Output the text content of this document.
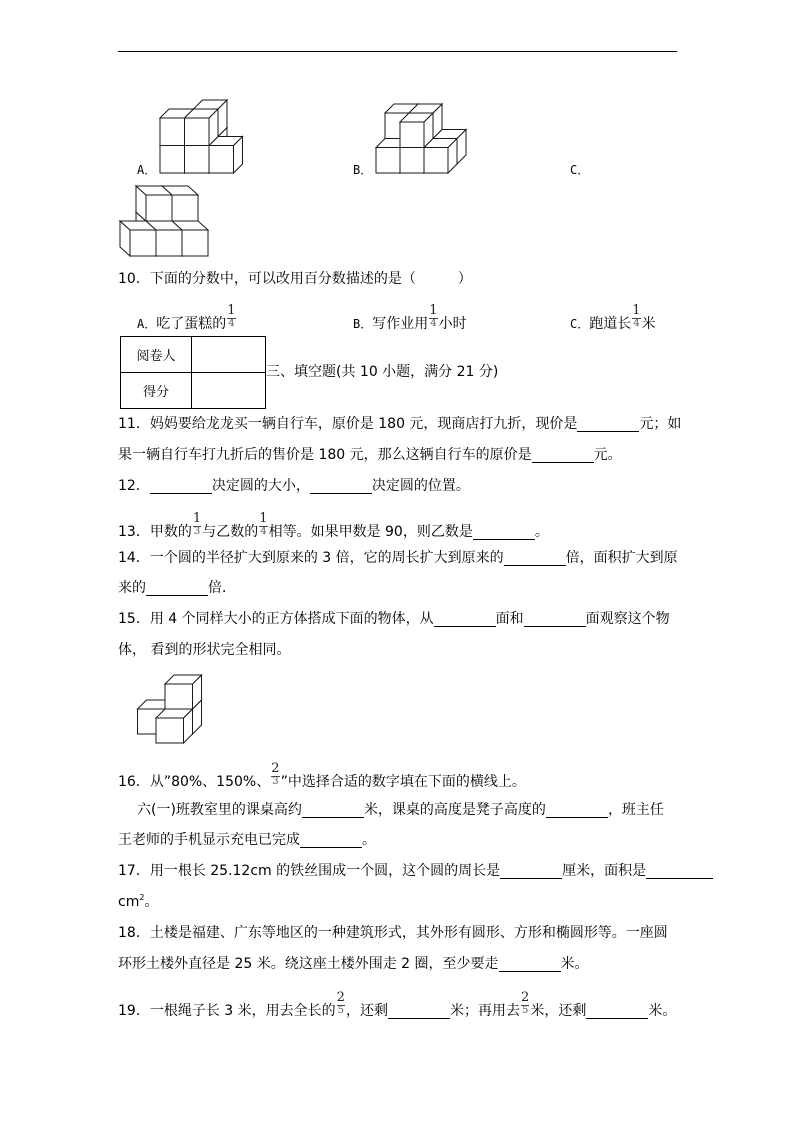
A．	B．	C．
10．下面的分数中，可以改用百分数描述的是（　　　）
A．吃了蛋糕的
1
4	B．写作业用
1
4 小时	C．跑道长
1
4 米
阅卷人	
得分	
三、填空题(共 10 小题，满分 21 分)
11．妈妈要给龙龙买一辆自行车，原价是 180 元，现商店打九折，现价是	元；如
果一辆自行车打九折后的售价是 180 元，那么这辆自行车的原价是	元。
12．	决定圆的大小，	决定圆的位置。
13．甲数的
1
3 与乙数的
1
4 相等。如果甲数是 90，则乙数是	。
14．一个圆的半径扩大到原来的 3 倍，它的周长扩大到原来的	倍，面积扩大到原
来的	倍．
15．用 4 个同样大小的正方体搭成下面的物体，从	面和	面观察这个物
体， 看到的形状完全相同。
16．从”80%、150%、
2
3 ”中选择合适的数字填在下面的横线上。
六(一)班教室里的课桌高约	米，课桌的高度是凳子高度的	，班主任
王老师的手机显示充电已完成	。
17．用一根长 25.12cm 的铁丝围成一个圆，这个圆的周长是	厘米，面积是
$cm^2$。
18．土楼是福建、广东等地区的一种建筑形式，其外形有圆形、方形和椭圆形等。一座圆
环形土楼外直径是 25 米。绕这座土楼外围走 2 圈，至少要走	米。
19．一根绳子长 3 米，用去全长的
2
5 ，还剩	米；再用去
2
5 米，还剩	米。
